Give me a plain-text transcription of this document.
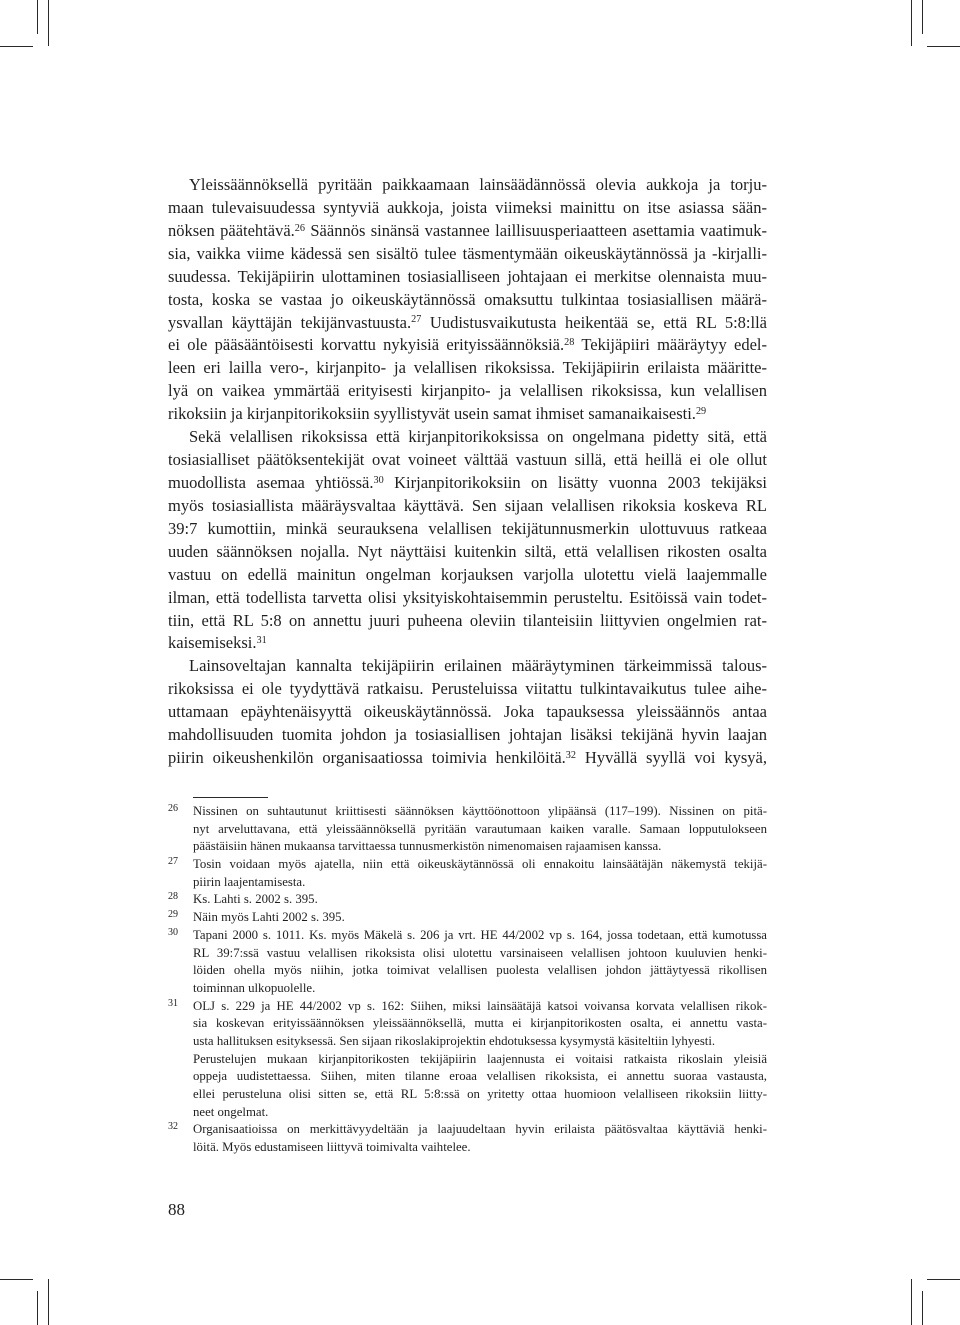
Yleissäännöksellä pyritään paikkaamaan lainsäädännössä olevia aukkoja ja torju-
maan tulevaisuudessa syntyviä aukkoja, joista viimeksi mainittu on itse asiassa sään-
nöksen päätehtävä.$^{26}$ Säännös sinänsä vastannee laillisuusperiaatteen asettamia vaatimuk-
sia, vaikka viime kädessä sen sisältö tulee täsmentymään oikeuskäytännössä ja -kirjalli-
suudessa. Tekijäpiirin ulottaminen tosiasialliseen johtajaan ei merkitse olennaista muu-
tosta, koska se vastaa jo oikeuskäytännössä omaksuttu tulkintaa tosiasiallisen määrä-
ysvallan käyttäjän tekijänvastuusta.$^{27}$ Uudistusvaikutusta heikentää se, että RL 5:8:llä
ei ole pääsääntöisesti korvattu nykyisiä erityissäännöksiä.$^{28}$ Tekijäpiiri määräytyy edel-
leen eri lailla vero-, kirjanpito- ja velallisen rikoksissa. Tekijäpiirin erilaista määritte-
lyä on vaikea ymmärtää erityisesti kirjanpito- ja velallisen rikoksissa, kun velallisen
rikoksiin ja kirjanpitorikoksiin syyllistyvät usein samat ihmiset samanaikaisesti.$^{29}$
Sekä velallisen rikoksissa että kirjanpitorikoksissa on ongelmana pidetty sitä, että
tosiasialliset päätöksentekijät ovat voineet välttää vastuun sillä, että heillä ei ole ollut
muodollista asemaa yhtiössä.$^{30}$ Kirjanpitorikoksiin on lisätty vuonna 2003 tekijäksi
myös tosiasiallista määräysvaltaa käyttävä. Sen sijaan velallisen rikoksia koskeva RL
39:7 kumottiin, minkä seurauksena velallisen tekijätunnusmerkin ulottuvuus ratkeaa
uuden säännöksen nojalla. Nyt näyttäisi kuitenkin siltä, että velallisen rikosten osalta
vastuu on edellä mainitun ongelman korjauksen varjolla ulotettu vielä laajemmalle
ilman, että todellista tarvetta olisi yksityiskohtaisemmin perusteltu. Esitöissä vain todet-
tiin, että RL 5:8 on annettu juuri puheena oleviin tilanteisiin liittyvien ongelmien rat-
kaisemiseksi.$^{31}$
Lainsoveltajan kannalta tekijäpiirin erilainen määräytyminen tärkeimmissä talous-
rikoksissa ei ole tyydyttävä ratkaisu. Perusteluissa viitattu tulkintavaikutus tulee aihe-
uttamaan epäyhtenäisyyttä oikeuskäytännössä. Joka tapauksessa yleissäännös antaa
mahdollisuuden tuomita johdon ja tosiasiallisen johtajan lisäksi tekijänä hyvin laajan
piirin oikeushenkilön organisaatiossa toimivia henkilöitä.$^{32}$ Hyvällä syyllä voi kysyä,
26 Nissinen on suhtautunut kriittisesti säännöksen käyttöönottoon ylipäänsä (117–199). Nissinen on pitä-
nyt arveluttavana, että yleissäännöksellä pyritään varautumaan kaiken varalle. Samaan lopputulokseen
päästäisiin hänen mukaansa tarvittaessa tunnusmerkistön nimenomaisen rajaamisen kanssa.
27 Tosin voidaan myös ajatella, niin että oikeuskäytännössä oli ennakoitu lainsäätäjän näkemystä tekijä-
piirin laajentamisesta.
28 Ks. Lahti s. 2002 s. 395.
29 Näin myös Lahti 2002 s. 395.
30 Tapani 2000 s. 1011. Ks. myös Mäkelä s. 206 ja vrt. HE 44/2002 vp s. 164, jossa todetaan, että kumotussa
RL 39:7:ssä vastuu velallisen rikoksista olisi ulotettu varsinaiseen velallisen johtoon kuuluvien henki-
löiden ohella myös niihin, jotka toimivat velallisen puolesta velallisen johdon jättäytyessä rikollisen
toiminnan ulkopuolelle.
31 OLJ s. 229 ja HE 44/2002 vp s. 162: Siihen, miksi lainsäätäjä katsoi voivansa korvata velallisen rikok-
sia koskevan erityissäännöksen yleissäännöksellä, mutta ei kirjanpitorikosten osalta, ei annettu vasta-
usta hallituksen esityksessä. Sen sijaan rikoslakiprojektin ehdotuksessa kysymystä käsiteltiin lyhyesti.
Perustelujen mukaan kirjanpitorikosten tekijäpiirin laajennusta ei voitaisi ratkaista rikoslain yleisiä
oppeja uudistettaessa. Siihen, miten tilanne eroaa velallisen rikoksista, ei annettu suoraa vastausta,
ellei perusteluna olisi sitten se, että RL 5:8:ssä on yritetty ottaa huomioon velalliseen rikoksiin liitty-
neet ongelmat.
32 Organisaatioissa on merkittävyydeltään ja laajuudeltaan hyvin erilaista päätösvaltaa käyttäviä henki-
löitä. Myös edustamiseen liittyvä toimivalta vaihtelee.
88
